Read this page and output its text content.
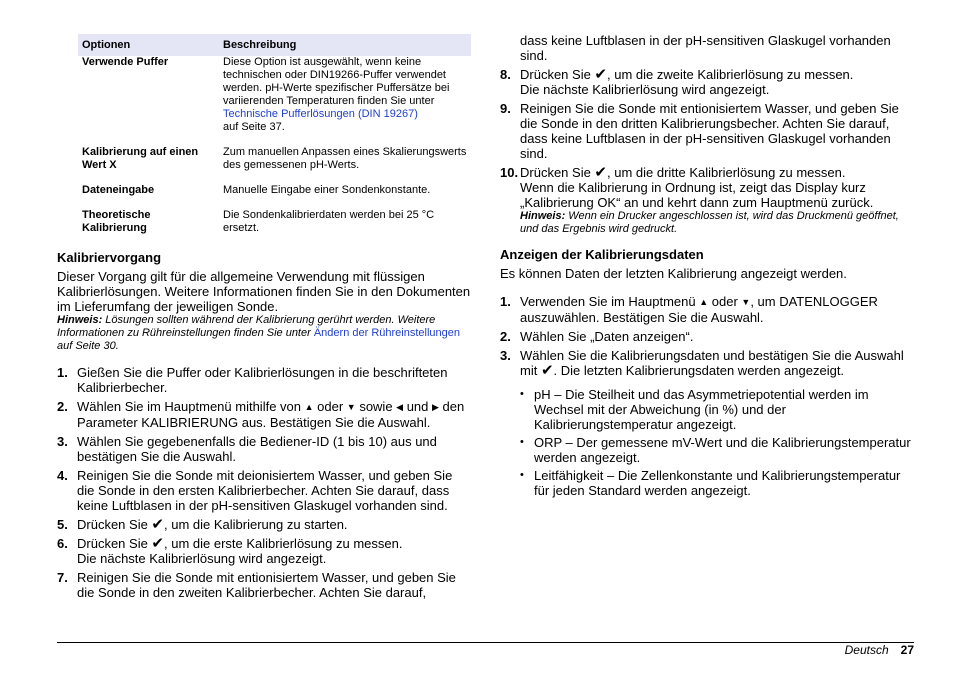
Optionen	Beschreibung
Verwende Puffer	Diese Option ist ausgewählt, wenn keine technischen oder DIN19266-Puffer verwendet werden. pH-Werte spezifischer Puffersätze bei variierenden Temperaturen finden Sie unter Technische Pufferlösungen (DIN 19267)
auf Seite 37.
Kalibrierung auf einen Wert X	Zum manuellen Anpassen eines Skalierungswerts des gemessenen pH-Werts.
Dateneingabe	Manuelle Eingabe einer Sondenkonstante.
Theoretische Kalibrierung	Die Sondenkalibrierdaten werden bei 25 °C ersetzt.
Kalibriervorgang
Dieser Vorgang gilt für die allgemeine Verwendung mit flüssigen Kalibrierlösungen. Weitere Informationen finden Sie in den Dokumenten im Lieferumfang der jeweiligen Sonde.
Hinweis: Lösungen sollten während der Kalibrierung gerührt werden. Weitere Informationen zu Rühreinstellungen finden Sie unter Ändern der Rühreinstellungen auf Seite 30.
1. Gießen Sie die Puffer oder Kalibrierlösungen in die beschrifteten Kalibrierbecher.
2. Wählen Sie im Hauptmenü mithilfe von ▲ oder ▼ sowie ◀ und ▶ den Parameter KALIBRIERUNG aus. Bestätigen Sie die Auswahl.
3. Wählen Sie gegebenenfalls die Bediener-ID (1 bis 10) aus und bestätigen Sie die Auswahl.
4. Reinigen Sie die Sonde mit deionisiertem Wasser, und geben Sie die Sonde in den ersten Kalibrierbecher. Achten Sie darauf, dass keine Luftblasen in der pH-sensitiven Glaskugel vorhanden sind.
5. Drücken Sie ✔, um die Kalibrierung zu starten.
6. Drücken Sie ✔, um die erste Kalibrierlösung zu messen.
Die nächste Kalibrierlösung wird angezeigt.
7. Reinigen Sie die Sonde mit entionisiertem Wasser, und geben Sie die Sonde in den zweiten Kalibrierbecher. Achten Sie darauf,
dass keine Luftblasen in der pH-sensitiven Glaskugel vorhanden sind.
8. Drücken Sie ✔, um die zweite Kalibrierlösung zu messen.
Die nächste Kalibrierlösung wird angezeigt.
9. Reinigen Sie die Sonde mit entionisiertem Wasser, und geben Sie die Sonde in den dritten Kalibrierungsbecher. Achten Sie darauf, dass keine Luftblasen in der pH-sensitiven Glaskugel vorhanden sind.
10. Drücken Sie ✔, um die dritte Kalibrierlösung zu messen.
Wenn die Kalibrierung in Ordnung ist, zeigt das Display kurz „Kalibrierung OK“ an und kehrt dann zum Hauptmenü zurück.
Hinweis: Wenn ein Drucker angeschlossen ist, wird das Druckmenü geöffnet, und das Ergebnis wird gedruckt.
Anzeigen der Kalibrierungsdaten
Es können Daten der letzten Kalibrierung angezeigt werden.
1. Verwenden Sie im Hauptmenü ▲ oder ▼, um DATENLOGGER auszuwählen. Bestätigen Sie die Auswahl.
2. Wählen Sie „Daten anzeigen“.
3. Wählen Sie die Kalibrierungsdaten und bestätigen Sie die Auswahl mit ✔. Die letzten Kalibrierungsdaten werden angezeigt.
• pH – Die Steilheit und das Asymmetriepotential werden im Wechsel mit der Abweichung (in %) und der Kalibrierungstemperatur angezeigt.
• ORP – Der gemessene mV-Wert und die Kalibrierungstemperatur werden angezeigt.
• Leitfähigkeit – Die Zellenkonstante und Kalibrierungstemperatur für jeden Standard werden angezeigt.
Deutsch 27
